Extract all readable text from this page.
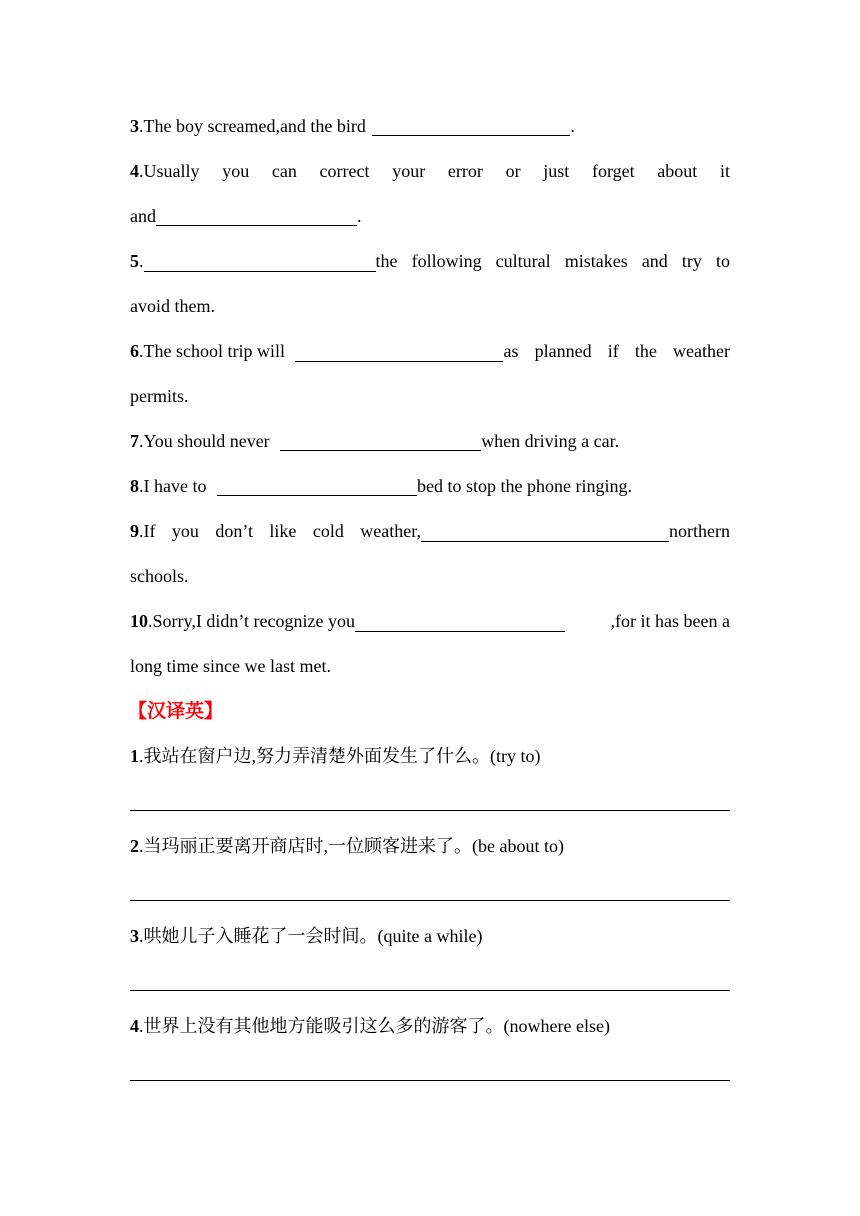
3.The boy screamed,and the bird	.
4.Usually you can correct your error or just forget about it
and	.
5 .	the following cultural mistakes and try to
avoid them.
6 .The school trip will	as planned if the weather
permits.
7.You should never	when driving a car.
8.I have to	bed to stop the phone ringing.
9 .If you don’t like cold weather,	northern
schools.
10 .Sorry,I didn’t recognize you	,for it has been a
long time since we last met.
【汉译英】
1.我站在窗户边,努力弄清楚外面发生了什么。(try to)
2.当玛丽正要离开商店时,一位顾客进来了。(be about to)
3.哄她儿子入睡花了一会时间。(quite a while)
4.世界上没有其他地方能吸引这么多的游客了。(nowhere else)
